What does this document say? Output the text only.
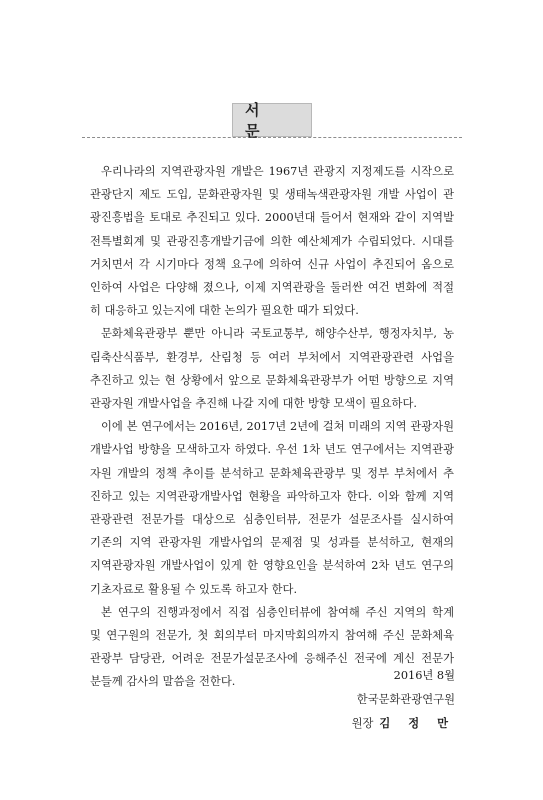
서 문
우리나라의 지역관광자원 개발은 1967년 관광지 지정제도를 시작으로
관광단지 제도 도입, 문화관광자원 및 생태녹색관광자원 개발 사업이 관
광진흥법을 토대로 추진되고 있다. 2000년대 들어서 현재와 같이 지역발
전특별회계 및 관광진흥개발기금에 의한 예산체계가 수립되었다. 시대를
거치면서 각 시기마다 정책 요구에 의하여 신규 사업이 추진되어 옴으로
인하여 사업은 다양해 졌으나, 이제 지역관광을 둘러싼 여건 변화에 적절
히 대응하고 있는지에 대한 논의가 필요한 때가 되었다.
문화체육관광부 뿐만 아니라 국토교통부, 해양수산부, 행정자치부, 농
림축산식품부, 환경부, 산림청 등 여러 부처에서 지역관광관련 사업을
추진하고 있는 현 상황에서 앞으로 문화체육관광부가 어떤 방향으로 지역
관광자원 개발사업을 추진해 나갈 지에 대한 방향 모색이 필요하다.
이에 본 연구에서는 2016년, 2017년 2년에 걸쳐 미래의 지역 관광자원
개발사업 방향을 모색하고자 하였다. 우선 1차 년도 연구에서는 지역관광
자원 개발의 정책 추이를 분석하고 문화체육관광부 및 정부 부처에서 추
진하고 있는 지역관광개발사업 현황을 파악하고자 한다. 이와 함께 지역
관광관련 전문가를 대상으로 심층인터뷰, 전문가 설문조사를 실시하여
기존의 지역 관광자원 개발사업의 문제점 및 성과를 분석하고, 현재의
지역관광자원 개발사업이 있게 한 영향요인을 분석하여 2차 년도 연구의
기초자료로 활용될 수 있도록 하고자 한다.
본 연구의 진행과정에서 직접 심층인터뷰에 참여해 주신 지역의 학계
및 연구원의 전문가, 첫 회의부터 마지막회의까지 참여해 주신 문화체육
관광부 담당관, 어려운 전문가설문조사에 응해주신 전국에 계신 전문가
분들께 감사의 말씀을 전한다.	2016년 8월
한국문화관광연구원
원장 김 정 만
